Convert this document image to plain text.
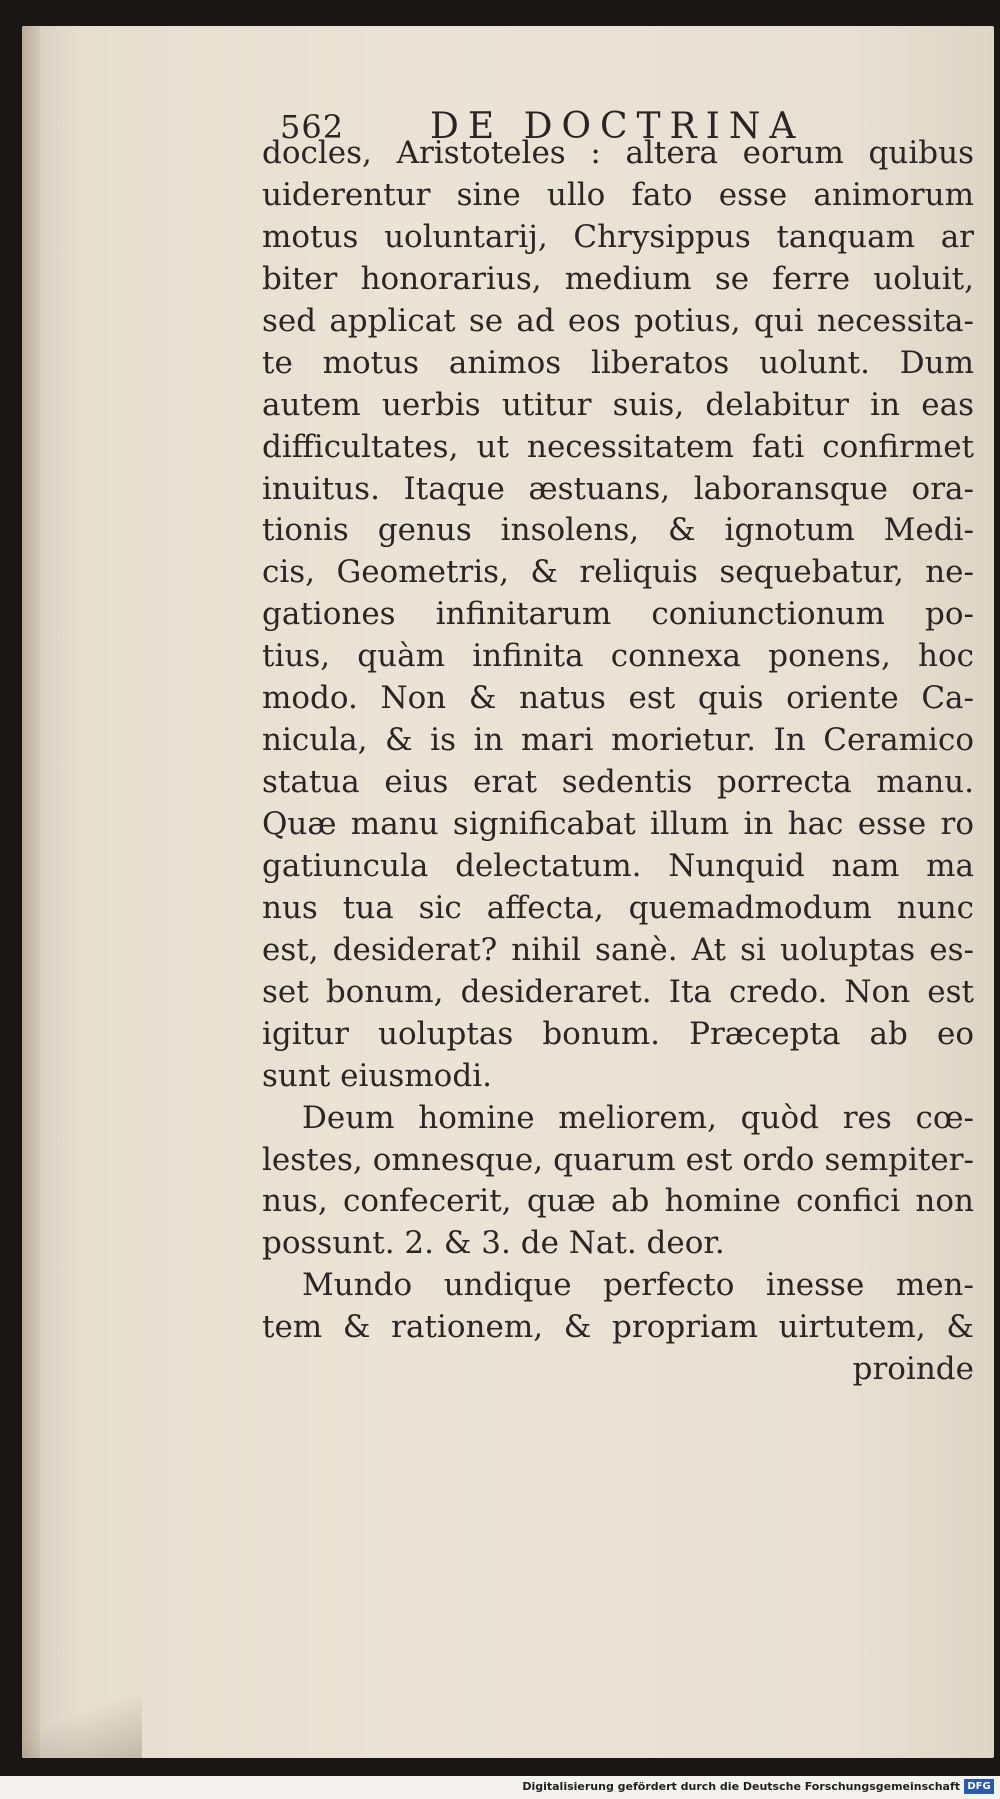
562 DE DOCTRINA
docles, Aristoteles : altera eorum quibus
uiderentur sine ullo fato esse animorum
motus uoluntarij, Chrysippus tanquam ar
biter honorarius, medium se ferre uoluit,
sed applicat se ad eos potius, qui necessita-
te motus animos liberatos uolunt. Dum
autem uerbis utitur suis, delabitur in eas
difficultates, ut necessitatem fati confirmet
inuitus. Itaque æstuans, laboransque ora-
tionis genus insolens, & ignotum Medi-
cis, Geometris, & reliquis sequebatur, ne-
gationes infinitarum coniunctionum po-
tius, quàm infinita connexa ponens, hoc
modo. Non & natus est quis oriente Ca-
nicula, & is in mari morietur. In Ceramico
statua eius erat sedentis porrecta manu.
Quæ manu significabat illum in hac esse ro
gatiuncula delectatum. Nunquid nam ma
nus tua sic affecta, quemadmodum nunc
est, desiderat? nihil sanè. At si uoluptas es-
set bonum, desideraret. Ita credo. Non est
igitur uoluptas bonum. Præcepta ab eo
sunt eiusmodi.
Deum homine meliorem, quòd res cœ-
lestes, omnesque, quarum est ordo sempiter-
nus, confecerit, quæ ab homine confici non
possunt. 2. & 3. de Nat. deor.
Mundo undique perfecto inesse men-
tem & rationem, & propriam uirtutem, &
proinde
Digitalisierung gefördert durch die Deutsche Forschungsgemeinschaft DFG
